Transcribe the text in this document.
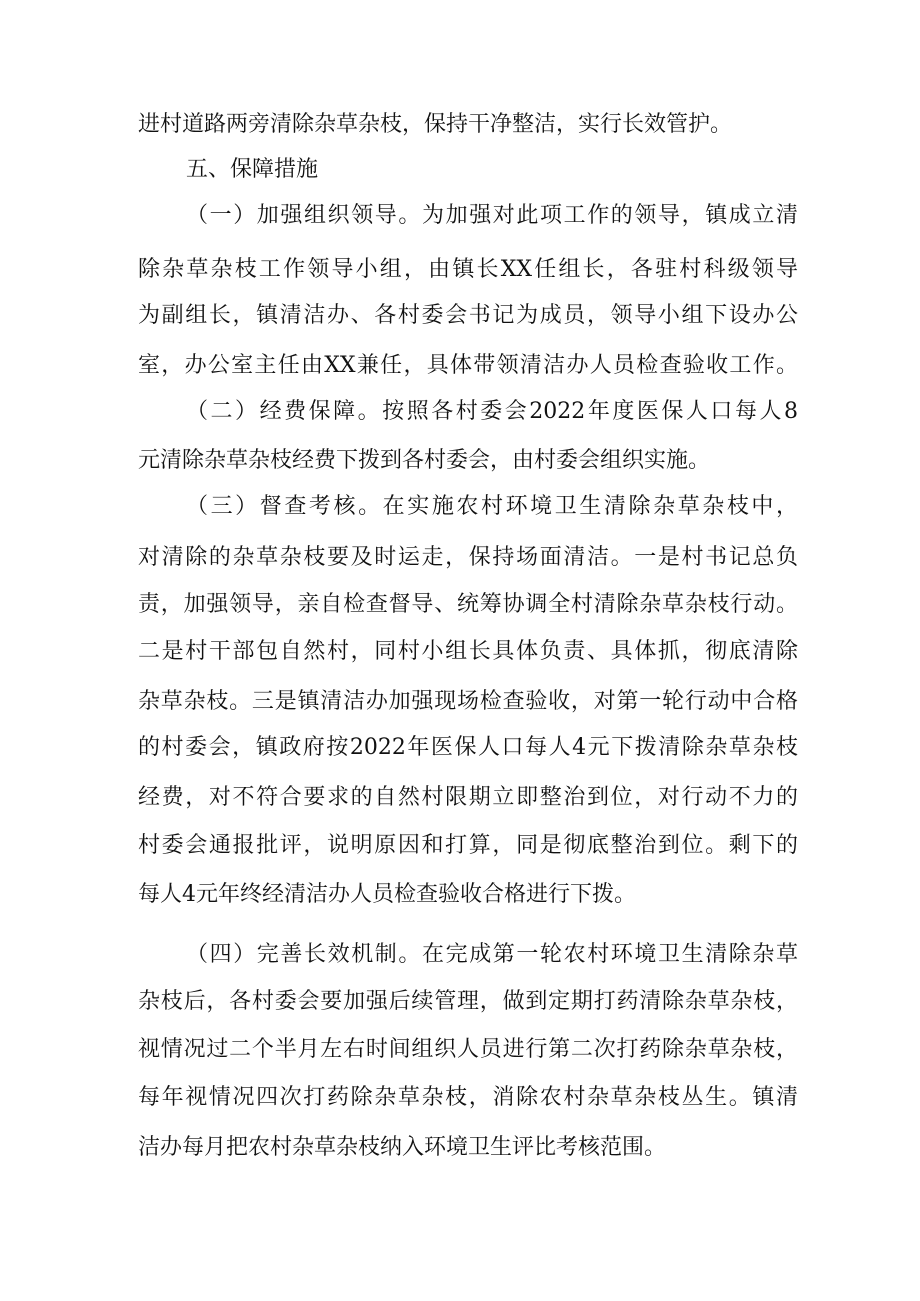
进村道路两旁清除杂草杂枝，保持干净整洁，实行长效管护。

五、保障措施

（一）加强组织领导。为加强对此项工作的领导，镇成立清

除杂草杂枝工作领导小组，由镇长XX任组长，各驻村科级领导

为副组长，镇清洁办、各村委会书记为成员，领导小组下设办公

室，办公室主任由XX兼任，具体带领清洁办人员检查验收工作。

（二）经费保障。按照各村委会2022年度医保人口每人8

元清除杂草杂枝经费下拨到各村委会，由村委会组织实施。

（三）督查考核。在实施农村环境卫生清除杂草杂枝中，

对清除的杂草杂枝要及时运走，保持场面清洁。一是村书记总负

责，加强领导，亲自检查督导、统筹协调全村清除杂草杂枝行动。

二是村干部包自然村，同村小组长具体负责、具体抓，彻底清除

杂草杂枝。三是镇清洁办加强现场检查验收，对第一轮行动中合格

的村委会，镇政府按2022年医保人口每人4元下拨清除杂草杂枝

经费，对不符合要求的自然村限期立即整治到位，对行动不力的

村委会通报批评，说明原因和打算，同是彻底整治到位。剩下的

每人4元年终经清洁办人员检查验收合格进行下拨。

（四）完善长效机制。在完成第一轮农村环境卫生清除杂草

杂枝后，各村委会要加强后续管理，做到定期打药清除杂草杂枝，

视情况过二个半月左右时间组织人员进行第二次打药除杂草杂枝，

每年视情况四次打药除杂草杂枝，消除农村杂草杂枝丛生。镇清

洁办每月把农村杂草杂枝纳入环境卫生评比考核范围。
